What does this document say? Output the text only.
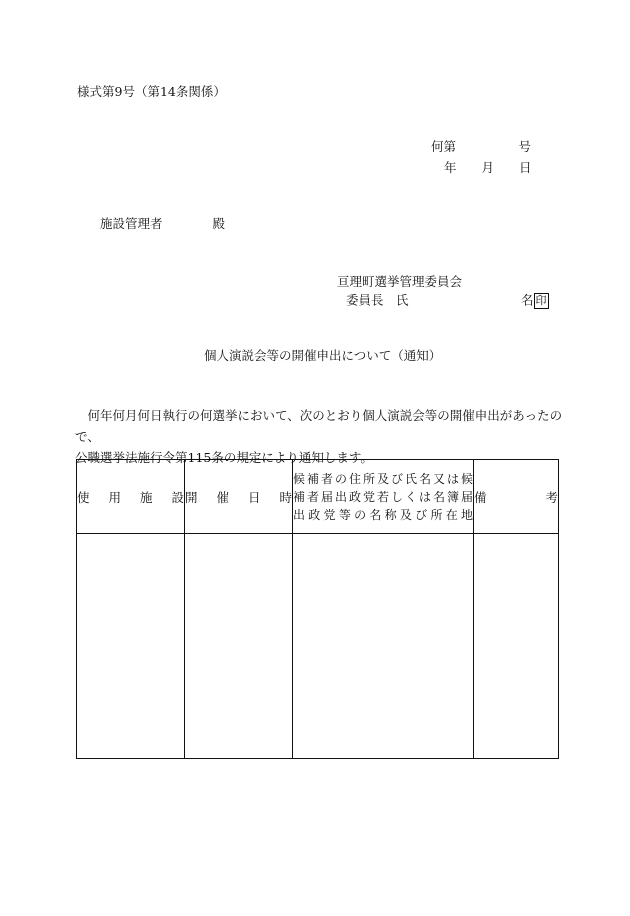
様式第9号（第14条関係）
何第　　　　　号
年　　月　　日
施設管理者　　　　殿
亘理町選挙管理委員会
委員長　氏　　　　　　　　　名 印
個人演説会等の開催申出について（通知）
　何年何月何日執行の何選挙において、次のとおり個人演説会等の開催申出があったので、
公職選挙法施行令第115条の規定により通知します。
使用施設	開催日時	候補者の住所及び氏名又は候
補者届出政党若しくは名簿届
出政党等の名称及び所在地	備 考
